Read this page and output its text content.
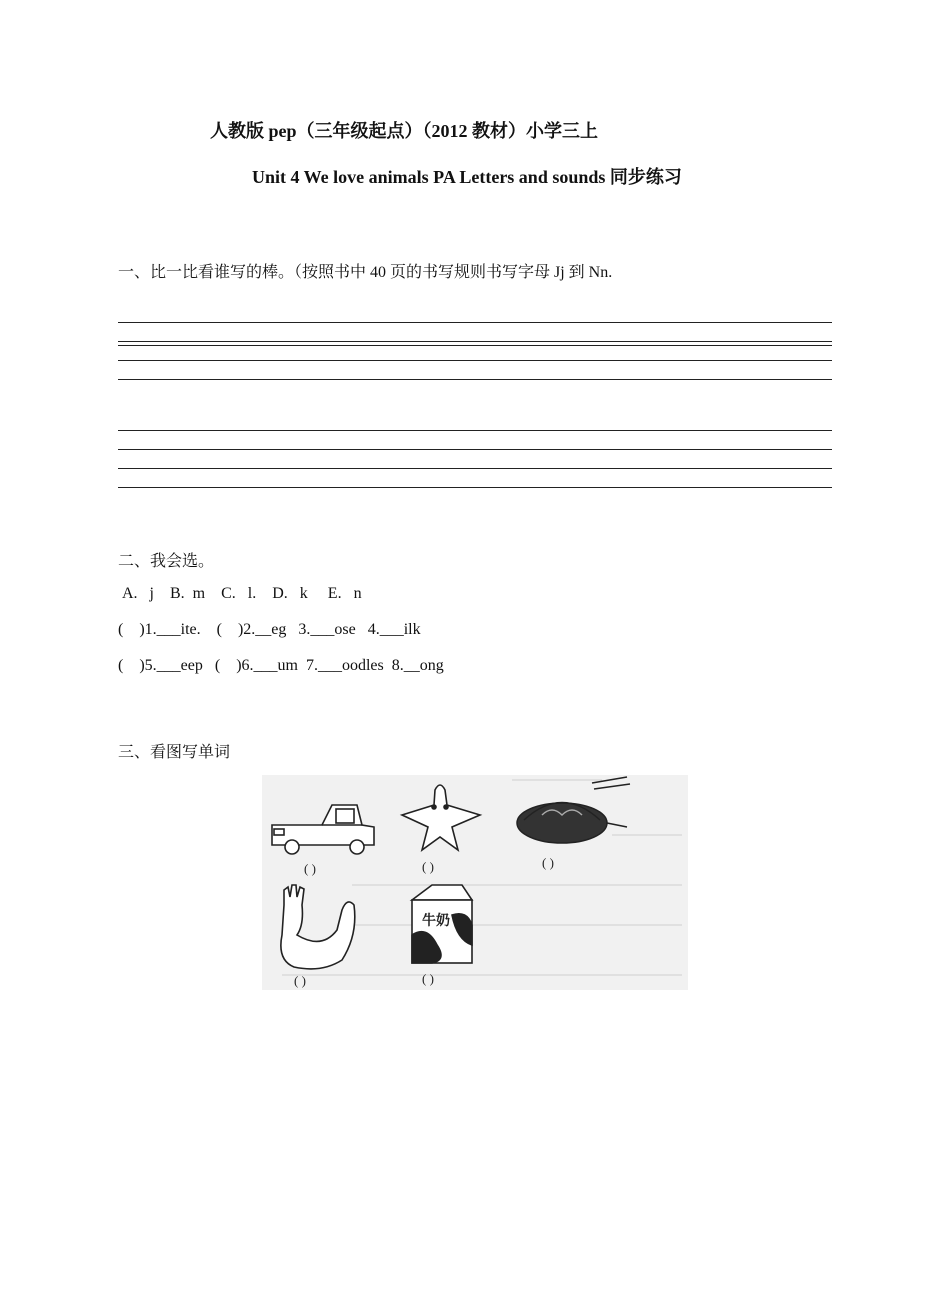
人教版 pep（三年级起点）（2012 教材）小学三上
Unit 4 We love animals PA Letters and sounds 同步练习
一、比一比看谁写的棒。（按照书中 40 页的书写规则书写字母 Jj 到 Nn.
二、我会选。
A.   j    B.  m    C.   l.    D.   k     E.   n
(    )1.___ite.    (    )2.__eg   3.___ose   4.___ilk
(    )5.___eep   (    )6.___um  7.___oodles  8.__ong
三、看图写单词
( )	( )	( )
( )
牛奶
( )
